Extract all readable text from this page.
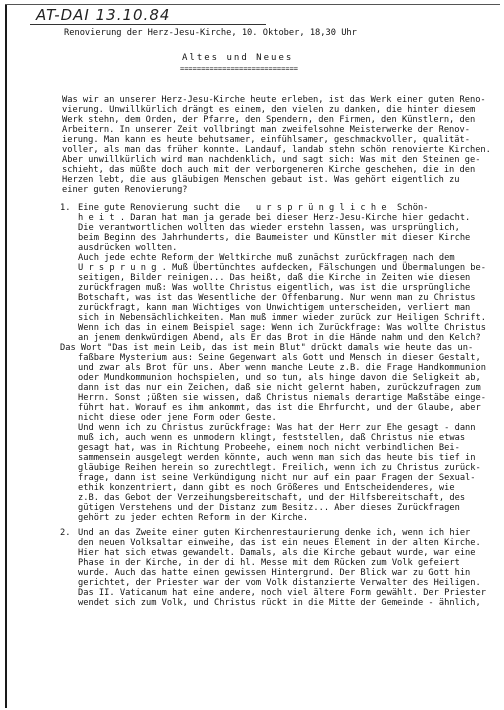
AT-DAI 13.10.84
Renovierung der Herz-Jesu-Kirche, 10. Oktober, 18,30 Uhr
Altes und Neues
============================
Was wir an unserer Herz-Jesu-Kirche heute erleben, ist das Werk einer guten Reno-
vierung. Unwillkürlich drängt es einem, den vielen zu danken, die hinter diesem
Werk stehn, dem Orden, der Pfarre, den Spendern, den Firmen, den Künstlern, den
Arbeitern. In unserer Zeit vollbringt man zweifelsohne Meisterwerke der Renov-
ierung. Man kann es heute behutsamer, einfühlsamer, geschmackvoller, qualität-
voller, als man das früher konnte. Landauf, landab stehn schön renovierte Kirchen.
Aber unwillkürlich wird man nachdenklich, und sagt sich: Was mit den Steinen ge-
schieht, das müßte doch auch mit der verborgeneren Kirche geschehen, die in den
Herzen lebt, die aus gläubigen Menschen gebaut ist. Was gehört eigentlich zu
einer guten Renovierung?
1. Eine gute Renovierung sucht die   u r s p r ü n g l i c h e  Schön-
h e i t . Daran hat man ja gerade bei dieser Herz-Jesu-Kirche hier gedacht.
Die verantwortlichen wollten das wieder erstehn lassen, was ursprünglich,
beim Beginn des Jahrhunderts, die Baumeister und Künstler mit dieser Kirche
ausdrücken wollten.
Auch jede echte Reform der Weltkirche muß zunächst zurückfragen nach dem
U r s p r u n g . Muß Übertünchtes aufdecken, Fälschungen und Übermalungen be-
seitigen, Bilder reinigen... Das heißt, daß die Kirche in Zeiten wie diesen
zurückfragen muß: Was wollte Christus eigentlich, was ist die ursprüngliche
Botschaft, was ist das Wesentliche der Offenbarung. Nur wenn man zu Christus
zurückfragt, kann man Wichtiges von Unwichtigem unterscheiden, verliert man
sich in Nebensächlichkeiten. Man muß immer wieder zurück zur Heiligen Schrift.
Wenn ich das in einem Beispiel sage: Wenn ich Zurückfrage: Was wollte Christus
an jenem denkwürdigen Abend, als Er das Brot in die Hände nahm und den Kelch?
Das Wort "Das ist mein Leib, das ist mein Blut" drückt damals wie heute das un-
faßbare Mysterium aus: Seine Gegenwart als Gott und Mensch in dieser Gestalt,
und zwar als Brot für uns. Aber wenn manche Leute z.B. die Frage Handkommunion
oder Mundkommunion hochspielen, und so tun, als hinge davon die Seligkeit ab,
dann ist das nur ein Zeichen, daß sie nicht gelernt haben, zurückzufragen zum
Herrn. Sonst ;üßten sie wissen, daß Christus niemals derartige Maßstäbe einge-
führt hat. Worauf es ihm ankommt, das ist die Ehrfurcht, und der Glaube, aber
nicht diese oder jene Form oder Geste.
Und wenn ich zu Christus zurückfrage: Was hat der Herr zur Ehe gesagt - dann
muß ich, auch wenn es unmodern klingt, feststellen, daß Christus nie etwas
gesagt hat, was in Richtung Probeehe, einem noch nicht verbindlichen Bei-
sammensein ausgelegt werden könnte, auch wenn man sich das heute bis tief in
gläubige Reihen herein so zurechtlegt. Freilich, wenn ich zu Christus zurück-
frage, dann ist seine Verkündigung nicht nur auf ein paar Fragen der Sexual-
ethik konzentriert, dann gibt es noch Größeres und Entscheidenderes, wie
z.B. das Gebot der Verzeihungsbereitschaft, und der Hilfsbereitschaft, des
gütigen Verstehens und der Distanz zum Besitz... Aber dieses Zurückfragen
gehört zu jeder echten Reform in der Kirche.
2. Und an das Zweite einer guten Kirchenrestaurierung denke ich, wenn ich hier
den neuen Volksaltar einweihe, das ist ein neues Element in der alten Kirche.
Hier hat sich etwas gewandelt. Damals, als die Kirche gebaut wurde, war eine
Phase in der Kirche, in der di hl. Messe mit dem Rücken zum Volk gefeiert
wurde. Auch das hatte einen gewissen Hintergrund. Der Blick war zu Gott hin
gerichtet, der Priester war der vom Volk distanzierte Verwalter des Heiligen.
Das II. Vaticanum hat eine andere, noch viel ältere Form gewählt. Der Priester
wendet sich zum Volk, und Christus rückt in die Mitte der Gemeinde - ähnlich,
